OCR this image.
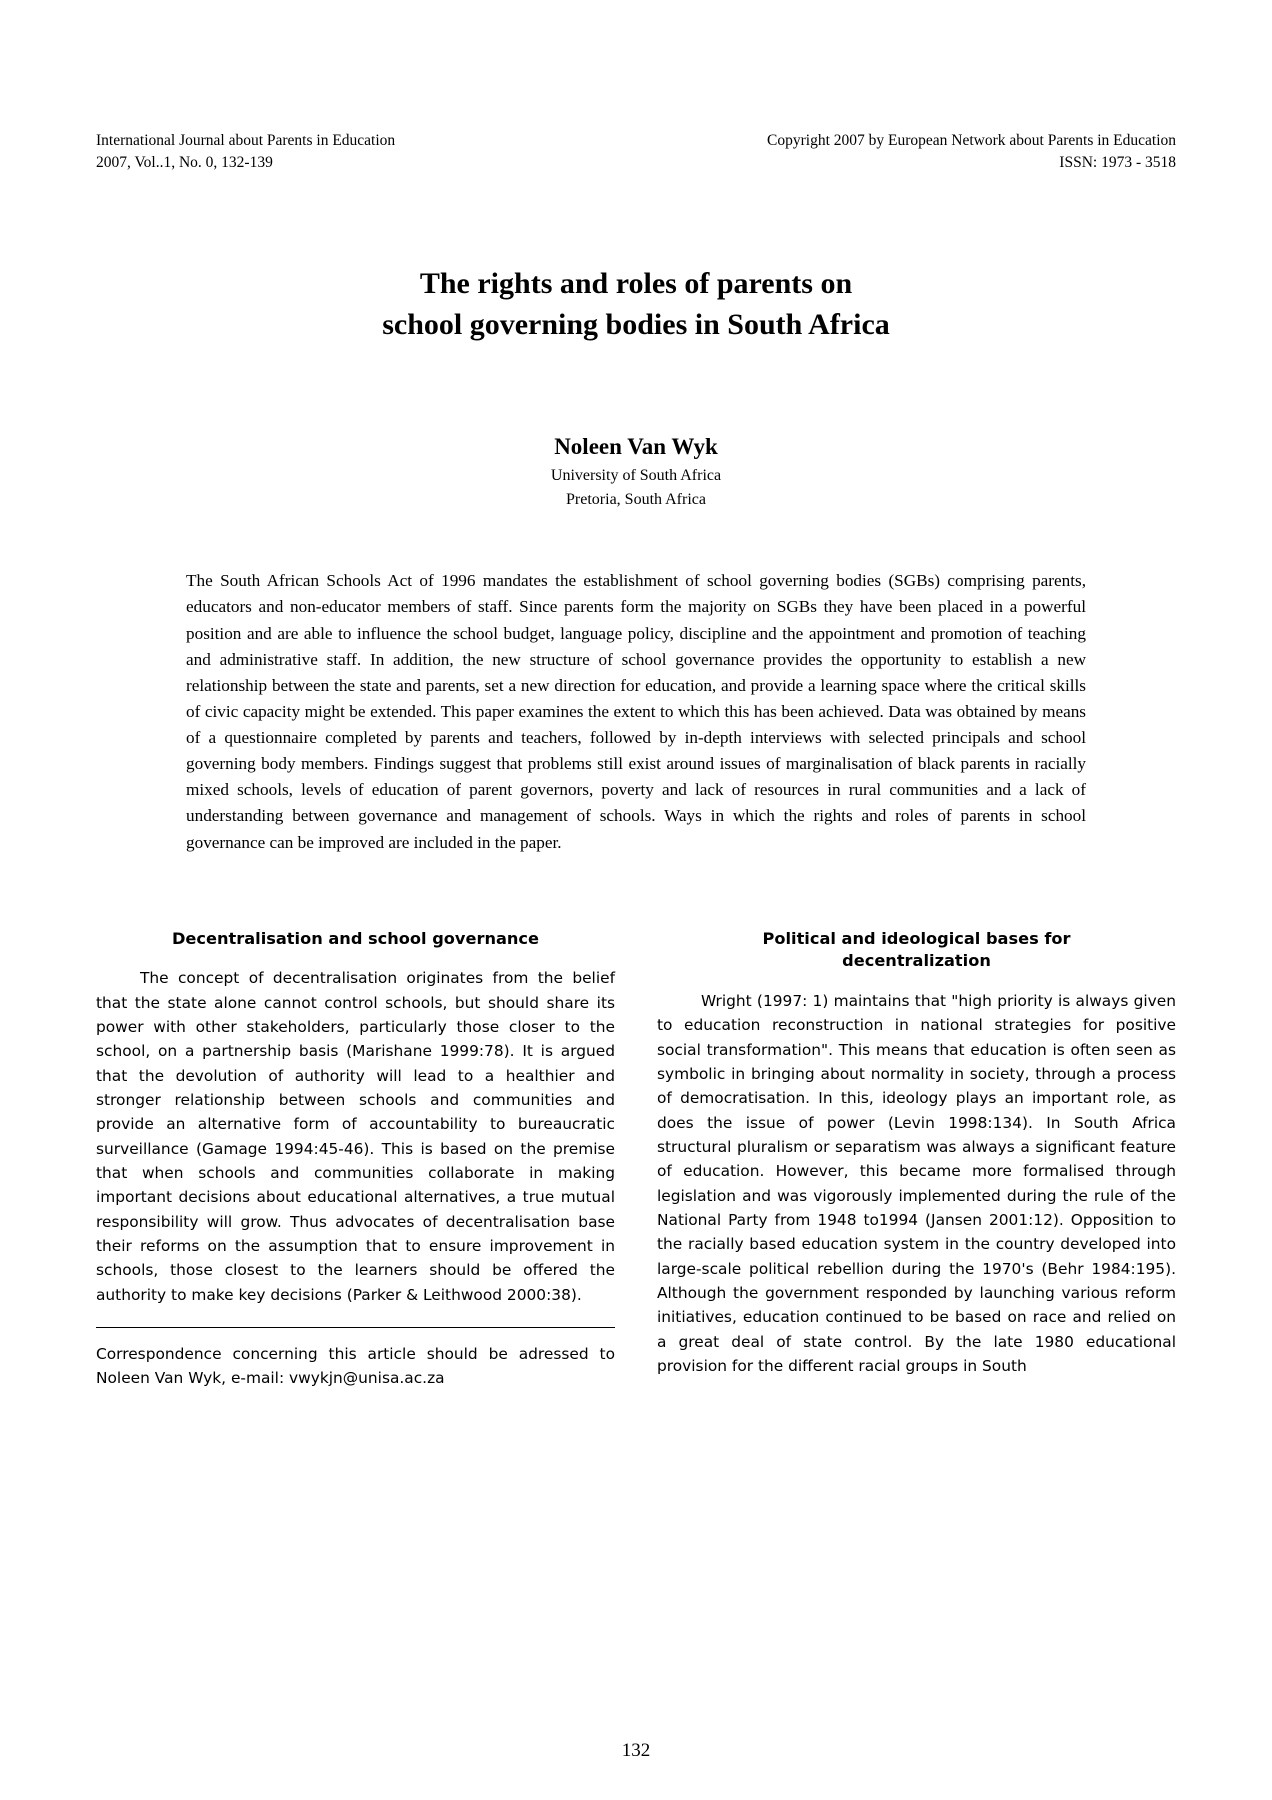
International Journal about Parents in Education
2007, Vol..1, No. 0, 132-139
Copyright 2007 by European Network about Parents in Education
ISSN: 1973 - 3518
The rights and roles of parents on
school governing bodies in South Africa
Noleen Van Wyk
University of South Africa
Pretoria, South Africa
The South African Schools Act of 1996 mandates the establishment of school governing bodies (SGBs) comprising parents, educators and non-educator members of staff. Since parents form the majority on SGBs they have been placed in a powerful position and are able to influence the school budget, language policy, discipline and the appointment and promotion of teaching and administrative staff. In addition, the new structure of school governance provides the opportunity to establish a new relationship between the state and parents, set a new direction for education, and provide a learning space where the critical skills of civic capacity might be extended. This paper examines the extent to which this has been achieved. Data was obtained by means of a questionnaire completed by parents and teachers, followed by in-depth interviews with selected principals and school governing body members. Findings suggest that problems still exist around issues of marginalisation of black parents in racially mixed schools, levels of education of parent governors, poverty and lack of resources in rural communities and a lack of understanding between governance and management of schools. Ways in which the rights and roles of parents in school governance can be improved are included in the paper.
Decentralisation and school governance

The concept of decentralisation originates from the belief that the state alone cannot control schools, but should share its power with other stakeholders, particularly those closer to the school, on a partnership basis (Marishane 1999:78). It is argued that the devolution of authority will lead to a healthier and stronger relationship between schools and communities and provide an alternative form of accountability to bureaucratic surveillance (Gamage 1994:45-46). This is based on the premise that when schools and communities collaborate in making important decisions about educational alternatives, a true mutual responsibility will grow. Thus advocates of decentralisation base their reforms on the assumption that to ensure improvement in schools, those closest to the learners should be offered the authority to make key decisions (Parker & Leithwood 2000:38).

Correspondence concerning this article should be adressed to Noleen Van Wyk, e-mail: vwykjn@unisa.ac.za
Political and ideological bases for
decentralization

Wright (1997: 1) maintains that "high priority is always given to education reconstruction in national strategies for positive social transformation". This means that education is often seen as symbolic in bringing about normality in society, through a process of democratisation. In this, ideology plays an important role, as does the issue of power (Levin 1998:134). In South Africa structural pluralism or separatism was always a significant feature of education. However, this became more formalised through legislation and was vigorously implemented during the rule of the National Party from 1948 to1994 (Jansen 2001:12). Opposition to the racially based education system in the country developed into large-scale political rebellion during the 1970's (Behr 1984:195). Although the government responded by launching various reform initiatives, education continued to be based on race and relied on a great deal of state control. By the late 1980 educational provision for the different racial groups in South

132
